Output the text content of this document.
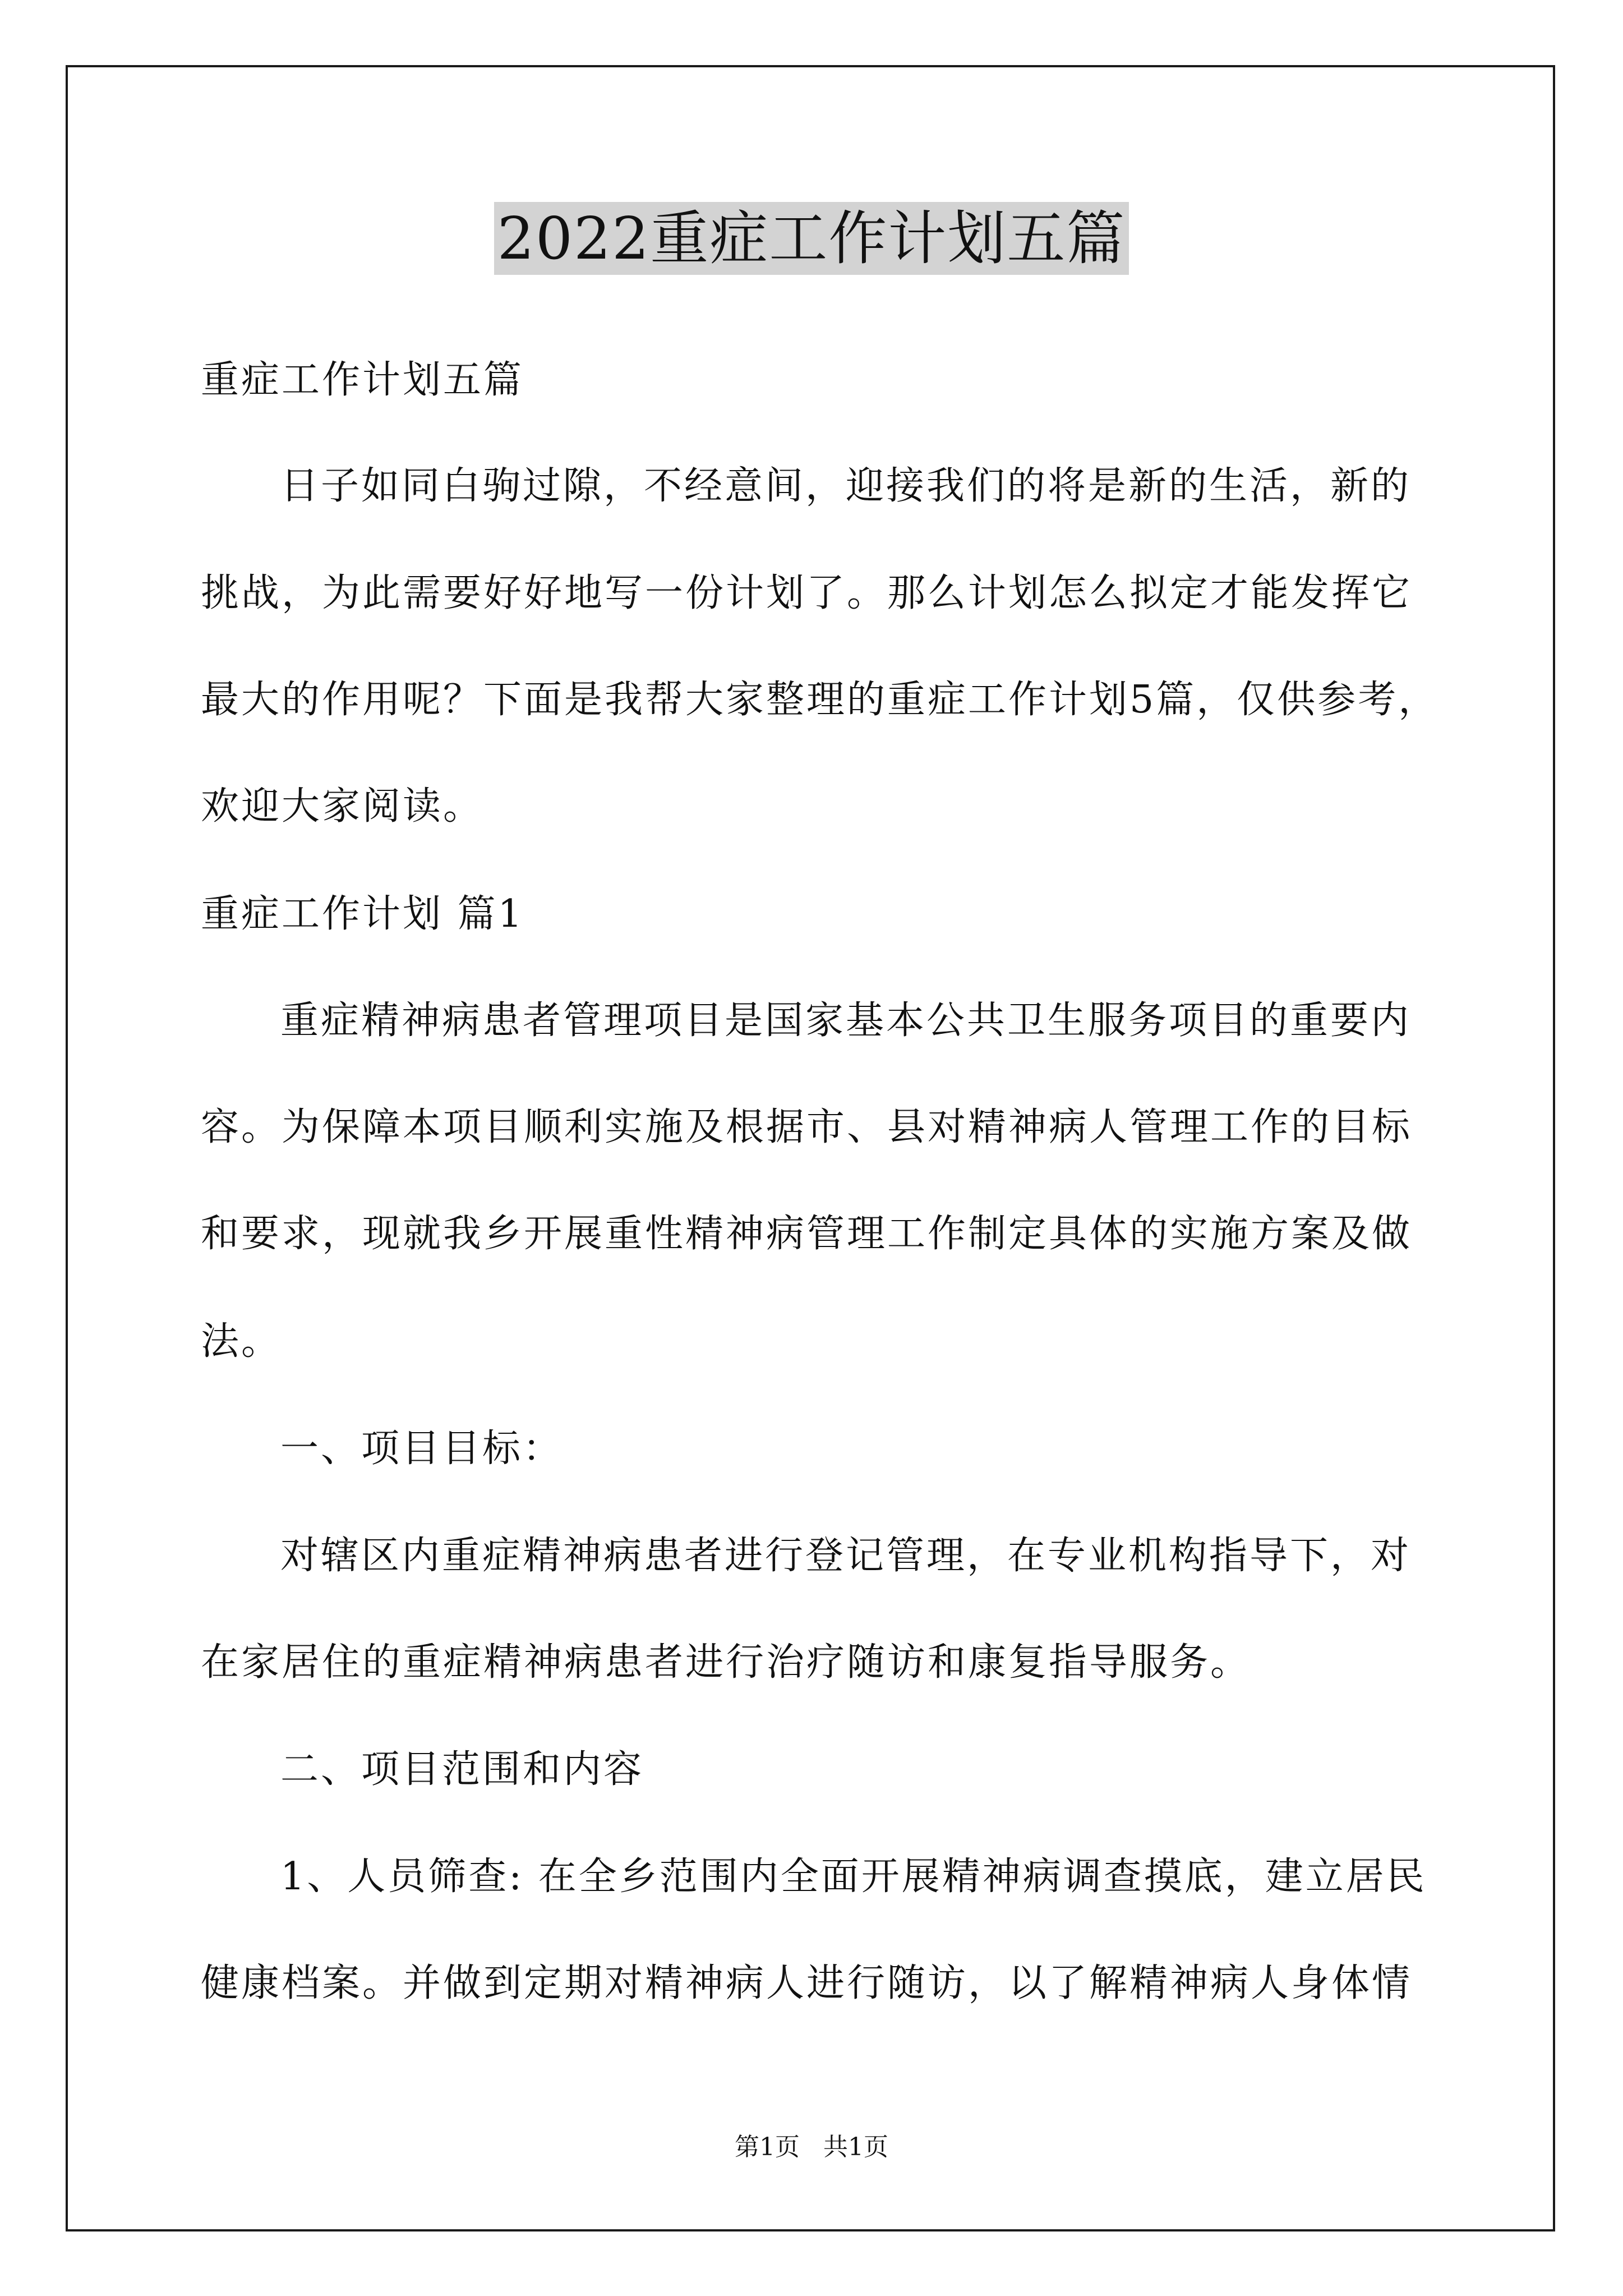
2022重症工作计划五篇
重症工作计划五篇
日子如同白驹过隙，不经意间，迎接我们的将是新的生活，新的
挑战，为此需要好好地写一份计划了。那么计划怎么拟定才能发挥它
最大的作用呢？下面是我帮大家整理的重症工作计划5篇，仅供参考，
欢迎大家阅读。
重症工作计划 篇1
重症精神病患者管理项目是国家基本公共卫生服务项目的重要内
容。为保障本项目顺利实施及根据市、县对精神病人管理工作的目标
和要求，现就我乡开展重性精神病管理工作制定具体的实施方案及做
法。
一、项目目标：
对辖区内重症精神病患者进行登记管理，在专业机构指导下，对
在家居住的重症精神病患者进行治疗随访和康复指导服务。
二、项目范围和内容
1、人员筛查: 在全乡范围内全面开展精神病调查摸底，建立居民
健康档案。并做到定期对精神病人进行随访，以了解精神病人身体情
第1页   共1页
